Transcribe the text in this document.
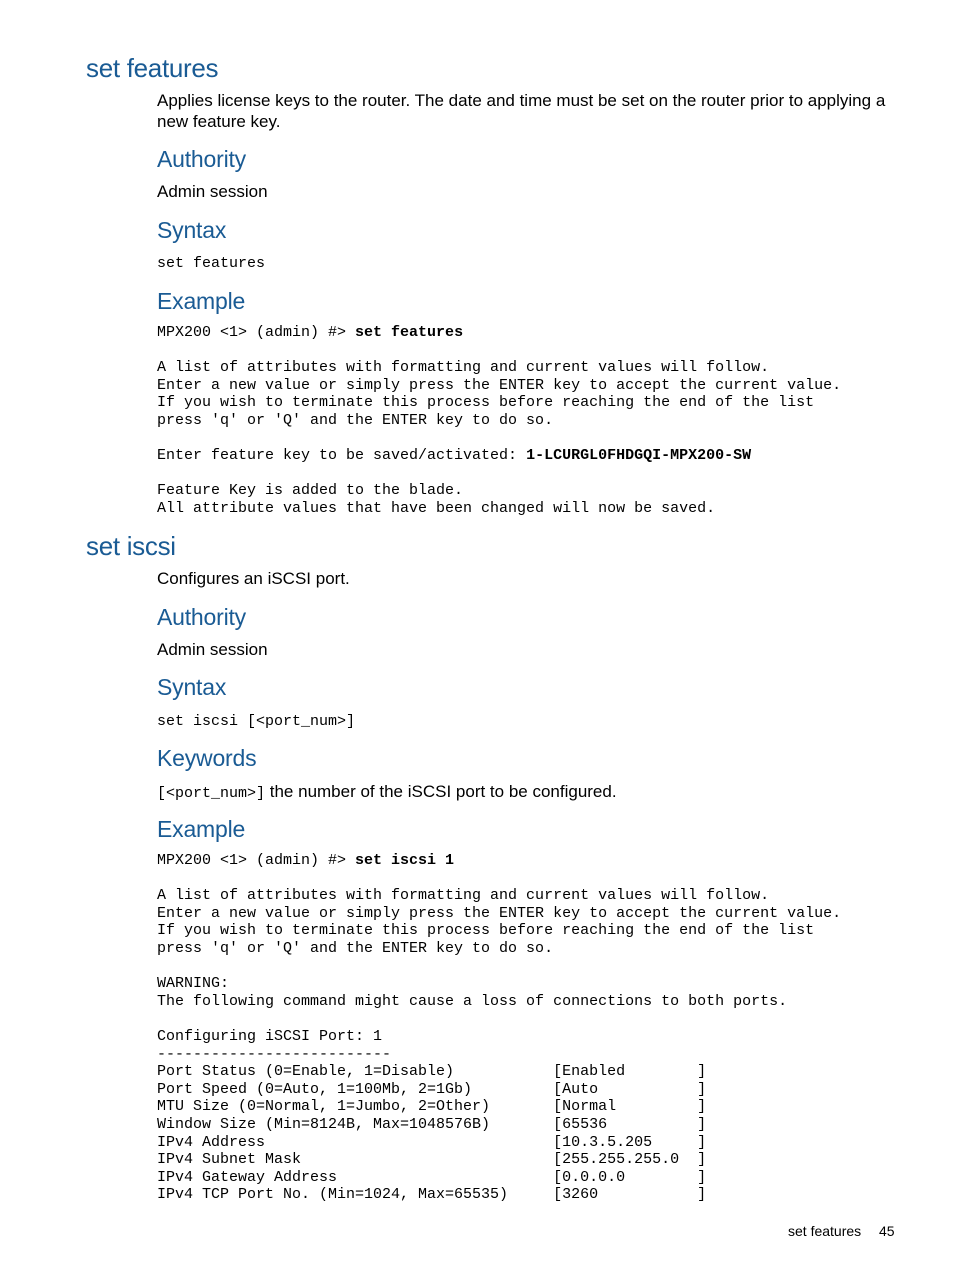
set features
Applies license keys to the router. The date and time must be set on the router prior to applying a new feature key.
Authority
Admin session
Syntax
set features
Example
MPX200 <1> (admin) #> set features

A list of attributes with formatting and current values will follow.
Enter a new value or simply press the ENTER key to accept the current value.
If you wish to terminate this process before reaching the end of the list
press 'q' or 'Q' and the ENTER key to do so.

Enter feature key to be saved/activated: 1-LCURGL0FHDGQI-MPX200-SW

Feature Key is added to the blade.
All attribute values that have been changed will now be saved.
set iscsi
Configures an iSCSI port.
Authority
Admin session
Syntax
set iscsi [<port_num>]
Keywords
[<port_num>] the number of the iSCSI port to be configured.
Example
MPX200 <1> (admin) #> set iscsi 1

A list of attributes with formatting and current values will follow.
Enter a new value or simply press the ENTER key to accept the current value.
If you wish to terminate this process before reaching the end of the list
press 'q' or 'Q' and the ENTER key to do so.

WARNING:
The following command might cause a loss of connections to both ports.

Configuring iSCSI Port: 1
--------------------------
Port Status (0=Enable, 1=Disable)           [Enabled        ]
Port Speed (0=Auto, 1=100Mb, 2=1Gb)         [Auto           ]
MTU Size (0=Normal, 1=Jumbo, 2=Other)       [Normal         ]
Window Size (Min=8124B, Max=1048576B)       [65536          ]
IPv4 Address                                [10.3.5.205     ]
IPv4 Subnet Mask                            [255.255.255.0  ]
IPv4 Gateway Address                        [0.0.0.0        ]
IPv4 TCP Port No. (Min=1024, Max=65535)     [3260           ]
set features 45
